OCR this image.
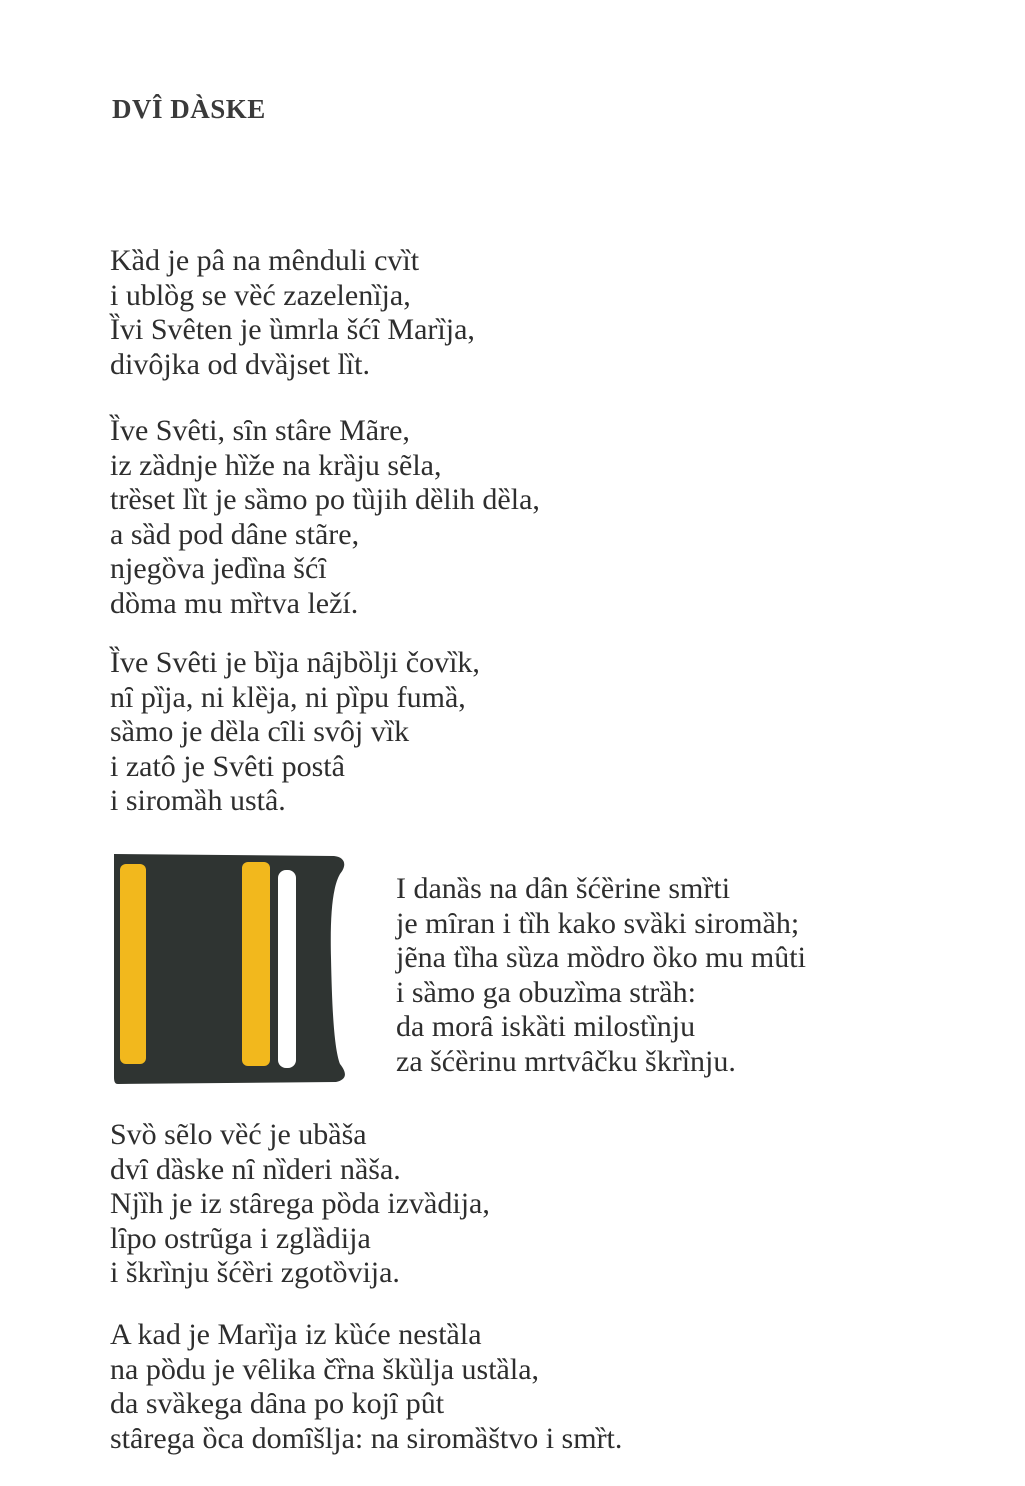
DVÎ DÀSKE
Kȁd je pâ na mênduli cvȉt
i ublȍg se vȅć zazelenȉja,
Ȉvi Svêten je ȕmrla šćȋ Marȉja,
divôjka od dvȁjset lȉt.
Ȉve Svêti, sȋn stâre Mãre,
iz zȁdnje hȉže na krȁju sẽla,
trȅset lȉt je sȁmo po tȕjih dȅlih dȅla,
a sȁd pod dâne stãre,
njegȍva jedȉna šćȋ
dȍma mu mȑtva leží.
Ȉve Svêti je bȉja nȃjbȍlji čovȉk,
nȋ pȉja, ni klȅja, ni pȉpu fumȁ,
sȁmo je dȅla cȋli svôj vȉk
i zatô je Svêti postâ
i siromȁh ustâ.
I danȁs na dân šćȅrine smȑti
je mȋran i tȉh kako svȁki siromȁh;
jẽna tȉha sȕza mȍdro ȍko mu mûti
i sȁmo ga obuzȉma strȁh:
da morȃ iskȁti milostȉnju
za šćȅrinu mrtvȃčku škrȉnju.
Svȍ sẽlo vȅć je ubȁša
dvȋ dȁske nȋ nȉderi nȁša.
Njȉh je iz stȃrega pȍda izvȁdija,
lȋpo ostrũga i zglȁdija
i škrȉnju šćȅri zgotȍvija.
A kad je Marȉja iz kȕće nestȁla
na pȍdu je vȇlika čȑna škȕlja ustȁla,
da svȁkega dȃna po kojȋ pût
stȃrega ȍca domȋšlja: na siromȁštvo i smȑt.
